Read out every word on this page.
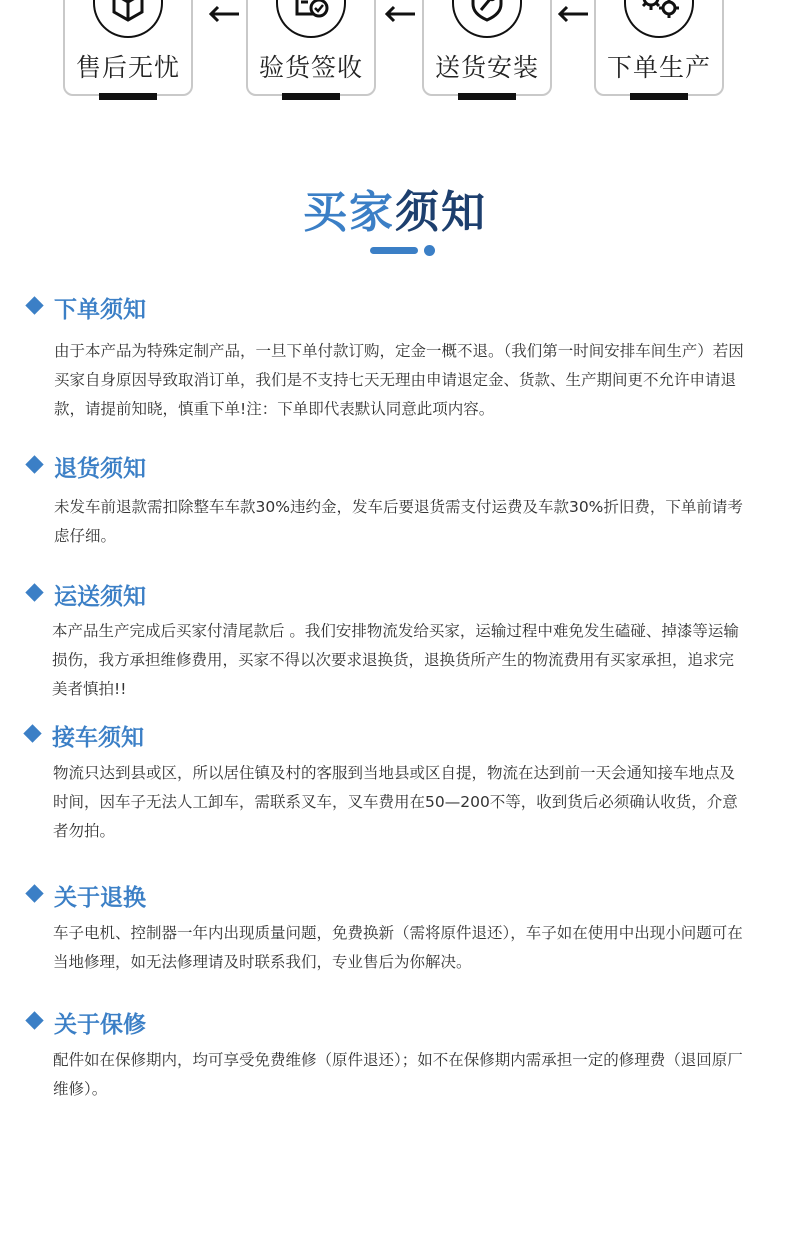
售后无忧	验货签收	送货安装	下单生产
买家须知
下单须知
由于本产品为特殊定制产品，一旦下单付款订购，定金一概不退。（我们第一时间安排车间生产）若因买家自身原因导致取消订单，我们是不支持七天无理由申请退定金、货款、生产期间更不允许申请退款，请提前知晓，慎重下单!注：下单即代表默认同意此项内容。
退货须知
未发车前退款需扣除整车车款30%违约金，发车后要退货需支付运费及车款30%折旧费，下单前请考虑仔细。
运送须知
本产品生产完成后买家付清尾款后 。我们安排物流发给买家，运输过程中难免发生磕碰、掉漆等运输损伤，我方承担维修费用，买家不得以次要求退换货，退换货所产生的物流费用有买家承担，追求完美者慎拍!!
接车须知
物流只达到县或区，所以居住镇及村的客服到当地县或区自提，物流在达到前一天会通知接车地点及时间，因车子无法人工卸车，需联系叉车，叉车费用在50—200不等，收到货后必须确认收货，介意者勿拍。
关于退换
车子电机、控制器一年内出现质量问题，免费换新（需将原件退还），车子如在使用中出现小问题可在当地修理，如无法修理请及时联系我们，专业售后为你解决。
关于保修
配件如在保修期内，均可享受免费维修（原件退还）；如不在保修期内需承担一定的修理费（退回原厂维修）。
